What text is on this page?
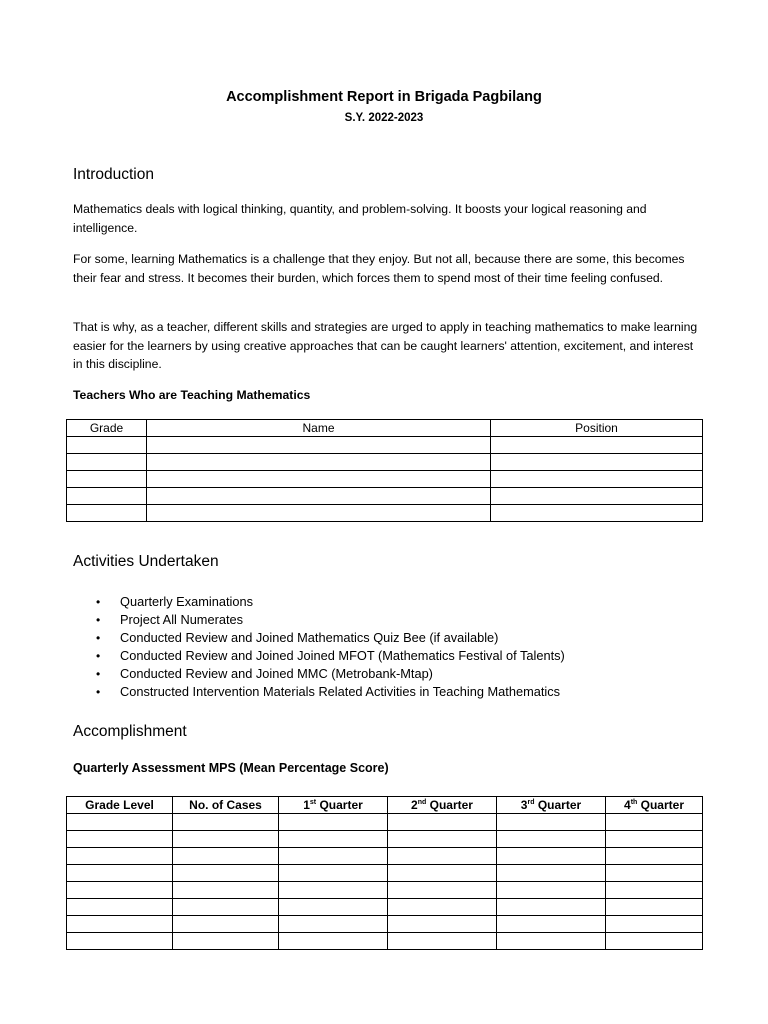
Accomplishment Report in Brigada Pagbilang
S.Y. 2022-2023
Introduction
Mathematics deals with logical thinking, quantity, and problem-solving. It boosts your logical reasoning and intelligence.
For some, learning Mathematics is a challenge that they enjoy. But not all, because there are some, this becomes their fear and stress. It becomes their burden, which forces them to spend most of their time feeling confused.
That is why, as a teacher, different skills and strategies are urged to apply in teaching mathematics to make learning easier for the learners by using creative approaches that can be caught learners' attention, excitement, and interest in this discipline.
Teachers Who are Teaching Mathematics
Grade	Name	Position

Activities Undertaken
• Quarterly Examinations
• Project All Numerates
• Conducted Review and Joined Mathematics Quiz Bee (if available)
• Conducted Review and Joined Joined MFOT (Mathematics Festival of Talents)
• Conducted Review and Joined MMC (Metrobank-Mtap)
• Constructed Intervention Materials Related Activities in Teaching Mathematics
Accomplishment
Quarterly Assessment MPS (Mean Percentage Score)
Grade Level	No. of Cases	1st Quarter	2nd Quarter	3rd Quarter	4th Quarter
